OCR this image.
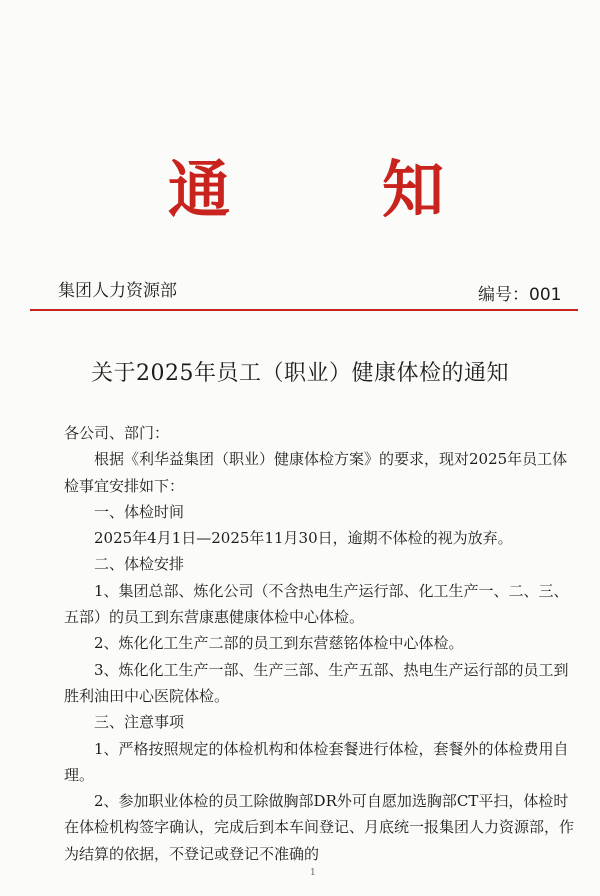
通 知
集团人力资源部	编号：001
关于2025年员工（职业）健康体检的通知

各公司、部门：

根据《利华益集团（职业）健康体检方案》的要求，现对2025年员工体检事宜安排如下：

一、体检时间

2025年4月1日—2025年11月30日，逾期不体检的视为放弃。

二、体检安排

1、集团总部、炼化公司（不含热电生产运行部、化工生产一、二、三、五部）的员工到东营康惠健康体检中心体检。

2、炼化化工生产二部的员工到东营慈铭体检中心体检。

3、炼化化工生产一部、生产三部、生产五部、热电生产运行部的员工到胜利油田中心医院体检。

三、注意事项

1、严格按照规定的体检机构和体检套餐进行体检，套餐外的体检费用自理。

2、参加职业体检的员工除做胸部DR外可自愿加选胸部CT平扫，体检时在体检机构签字确认，完成后到本车间登记、月底统一报集团人力资源部，作为结算的依据，不登记或登记不准确的

1
